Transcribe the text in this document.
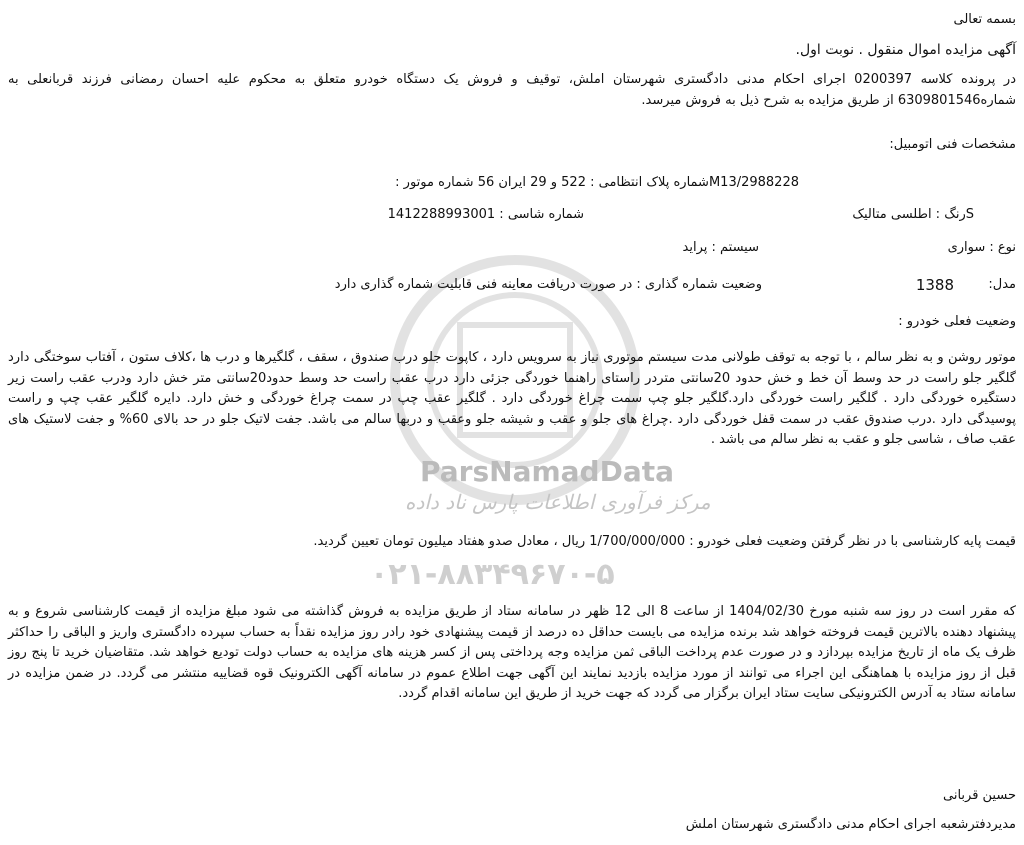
ParsNamadData
مرکز فرآوری اطلاعات پارس ناد داده
۰۲۱-۸۸۳۴۹۶۷۰-۵
بسمه تعالی
آگهی مزایده اموال منقول . نوبت اول.
در پرونده کلاسه 0200397 اجرای احکام مدنی دادگستری شهرستان املش، توقیف و فروش یک دستگاه خودرو متعلق به محکوم علیه احسان رمضانی فرزند قربانعلی به شماره6309801546 از طریق مزایده به شرح ذیل به فروش میرسد.
مشخصات فنی اتومبیل:
M13/2988228شماره پلاک انتظامی : 522 و 29 ایران 56 شماره موتور :
Sرنگ : اطلسی متالیک
شماره شاسی : 1412288993001
نوع : سواری
سیستم : پراید
مدل:
1388
وضعیت شماره گذاری : در صورت دریافت معاینه فنی قابلیت شماره گذاری دارد
وضعیت فعلی خودرو :
موتور روشن و به نظر سالم ، با توجه به توقف طولانی مدت سیستم موتوری نیاز به سرویس دارد ، کاپوت جلو درب صندوق ، سقف ، گلگیرها و درب ها ،کلاف ستون ، آفتاب سوختگی دارد گلگیر جلو راست در حد وسط آن خط و خش حدود 20سانتی متردر راستای راهنما خوردگی جزئی دارد درب عقب راست حد وسط حدود20سانتی متر خش دارد ودرب عقب راست زیر دستگیره خوردگی دارد . گلگیر راست خوردگی دارد.گلگیر جلو چپ سمت چراغ خوردگی دارد . گلگیر عقب چپ در سمت چراغ خوردگی و خش دارد. دایره گلگیر عقب چپ و راست پوسیدگی دارد .درب صندوق عقب در سمت قفل خوردگی دارد .چراغ های جلو و عقب و شیشه جلو وعقب و دربها سالم می باشد. جفت لاتیک جلو در حد بالای 60% و جفت لاستیک های عقب صاف ، شاسی جلو و عقب به نظر سالم می باشد .
قیمت پایه کارشناسی با در نظر گرفتن وضعیت فعلی خودرو : 1/700/000/000 ریال ، معادل صدو هفتاد میلیون تومان تعیین گردید.
که مقرر است در روز سه شنبه مورخ 1404/02/30 از ساعت 8 الی 12 ظهر در سامانه ستاد از طریق مزایده به فروش گذاشته می شود مبلغ مزایده از قیمت کارشناسی شروع و به پیشنهاد دهنده بالاترین قیمت فروخته خواهد شد برنده مزایده می بایست حداقل ده درصد از قیمت پیشنهادی خود رادر روز مزایده نقداً به حساب سپرده دادگستری واریز و الباقی را حداکثر ظرف یک ماه از تاریخ مزایده بپردازد و در صورت عدم پرداخت الباقی ثمن مزایده وجه پرداختی پس از کسر هزینه های مزایده به حساب دولت تودیع خواهد شد. متقاضیان خرید تا پنج روز قبل از روز مزایده با هماهنگی این اجراء می توانند از مورد مزایده بازدید نمایند این آگهی جهت اطلاع عموم در سامانه آگهی الکترونیک قوه قضاییه منتشر می گردد. در ضمن مزایده در سامانه ستاد به آدرس الکترونیکی سایت ستاد ایران برگزار می گردد که جهت خرید از طریق این سامانه اقدام گردد.
حسین قربانی
مدیردفترشعبه اجرای احکام مدنی دادگستری شهرستان املش
